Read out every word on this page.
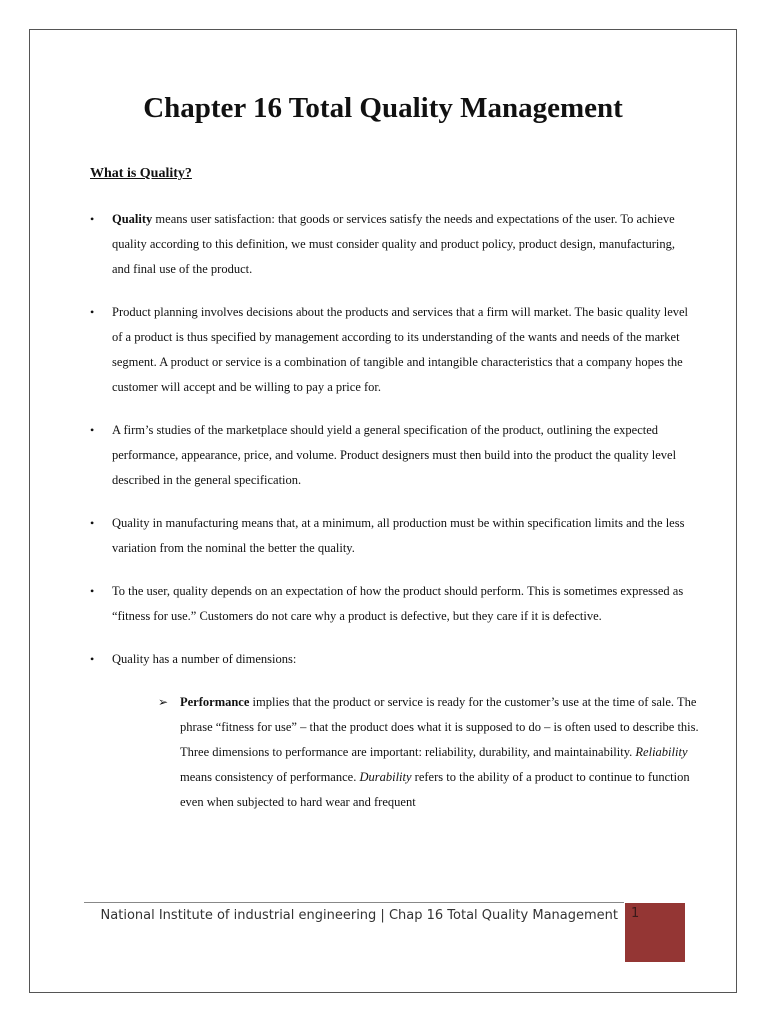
Chapter 16 Total Quality Management
What is Quality?
• Quality means user satisfaction: that goods or services satisfy the needs and expectations of the user. To achieve quality according to this definition, we must consider quality and product policy, product design, manufacturing, and final use of the product.
• Product planning involves decisions about the products and services that a firm will market. The basic quality level of a product is thus specified by management according to its understanding of the wants and needs of the market segment. A product or service is a combination of tangible and intangible characteristics that a company hopes the customer will accept and be willing to pay a price for.
• A firm’s studies of the marketplace should yield a general specification of the product, outlining the expected performance, appearance, price, and volume. Product designers must then build into the product the quality level described in the general specification.
• Quality in manufacturing means that, at a minimum, all production must be within specification limits and the less variation from the nominal the better the quality.
• To the user, quality depends on an expectation of how the product should perform. This is sometimes expressed as “fitness for use.” Customers do not care why a product is defective, but they care if it is defective.
• Quality has a number of dimensions:
➢ Performance implies that the product or service is ready for the customer’s use at the time of sale. The phrase “fitness for use” – that the product does what it is supposed to do – is often used to describe this. Three dimensions to performance are important: reliability, durability, and maintainability. Reliability means consistency of performance. Durability refers to the ability of a product to continue to function even when subjected to hard wear and frequent
National Institute of industrial engineering | Chap 16 Total Quality Management 1
